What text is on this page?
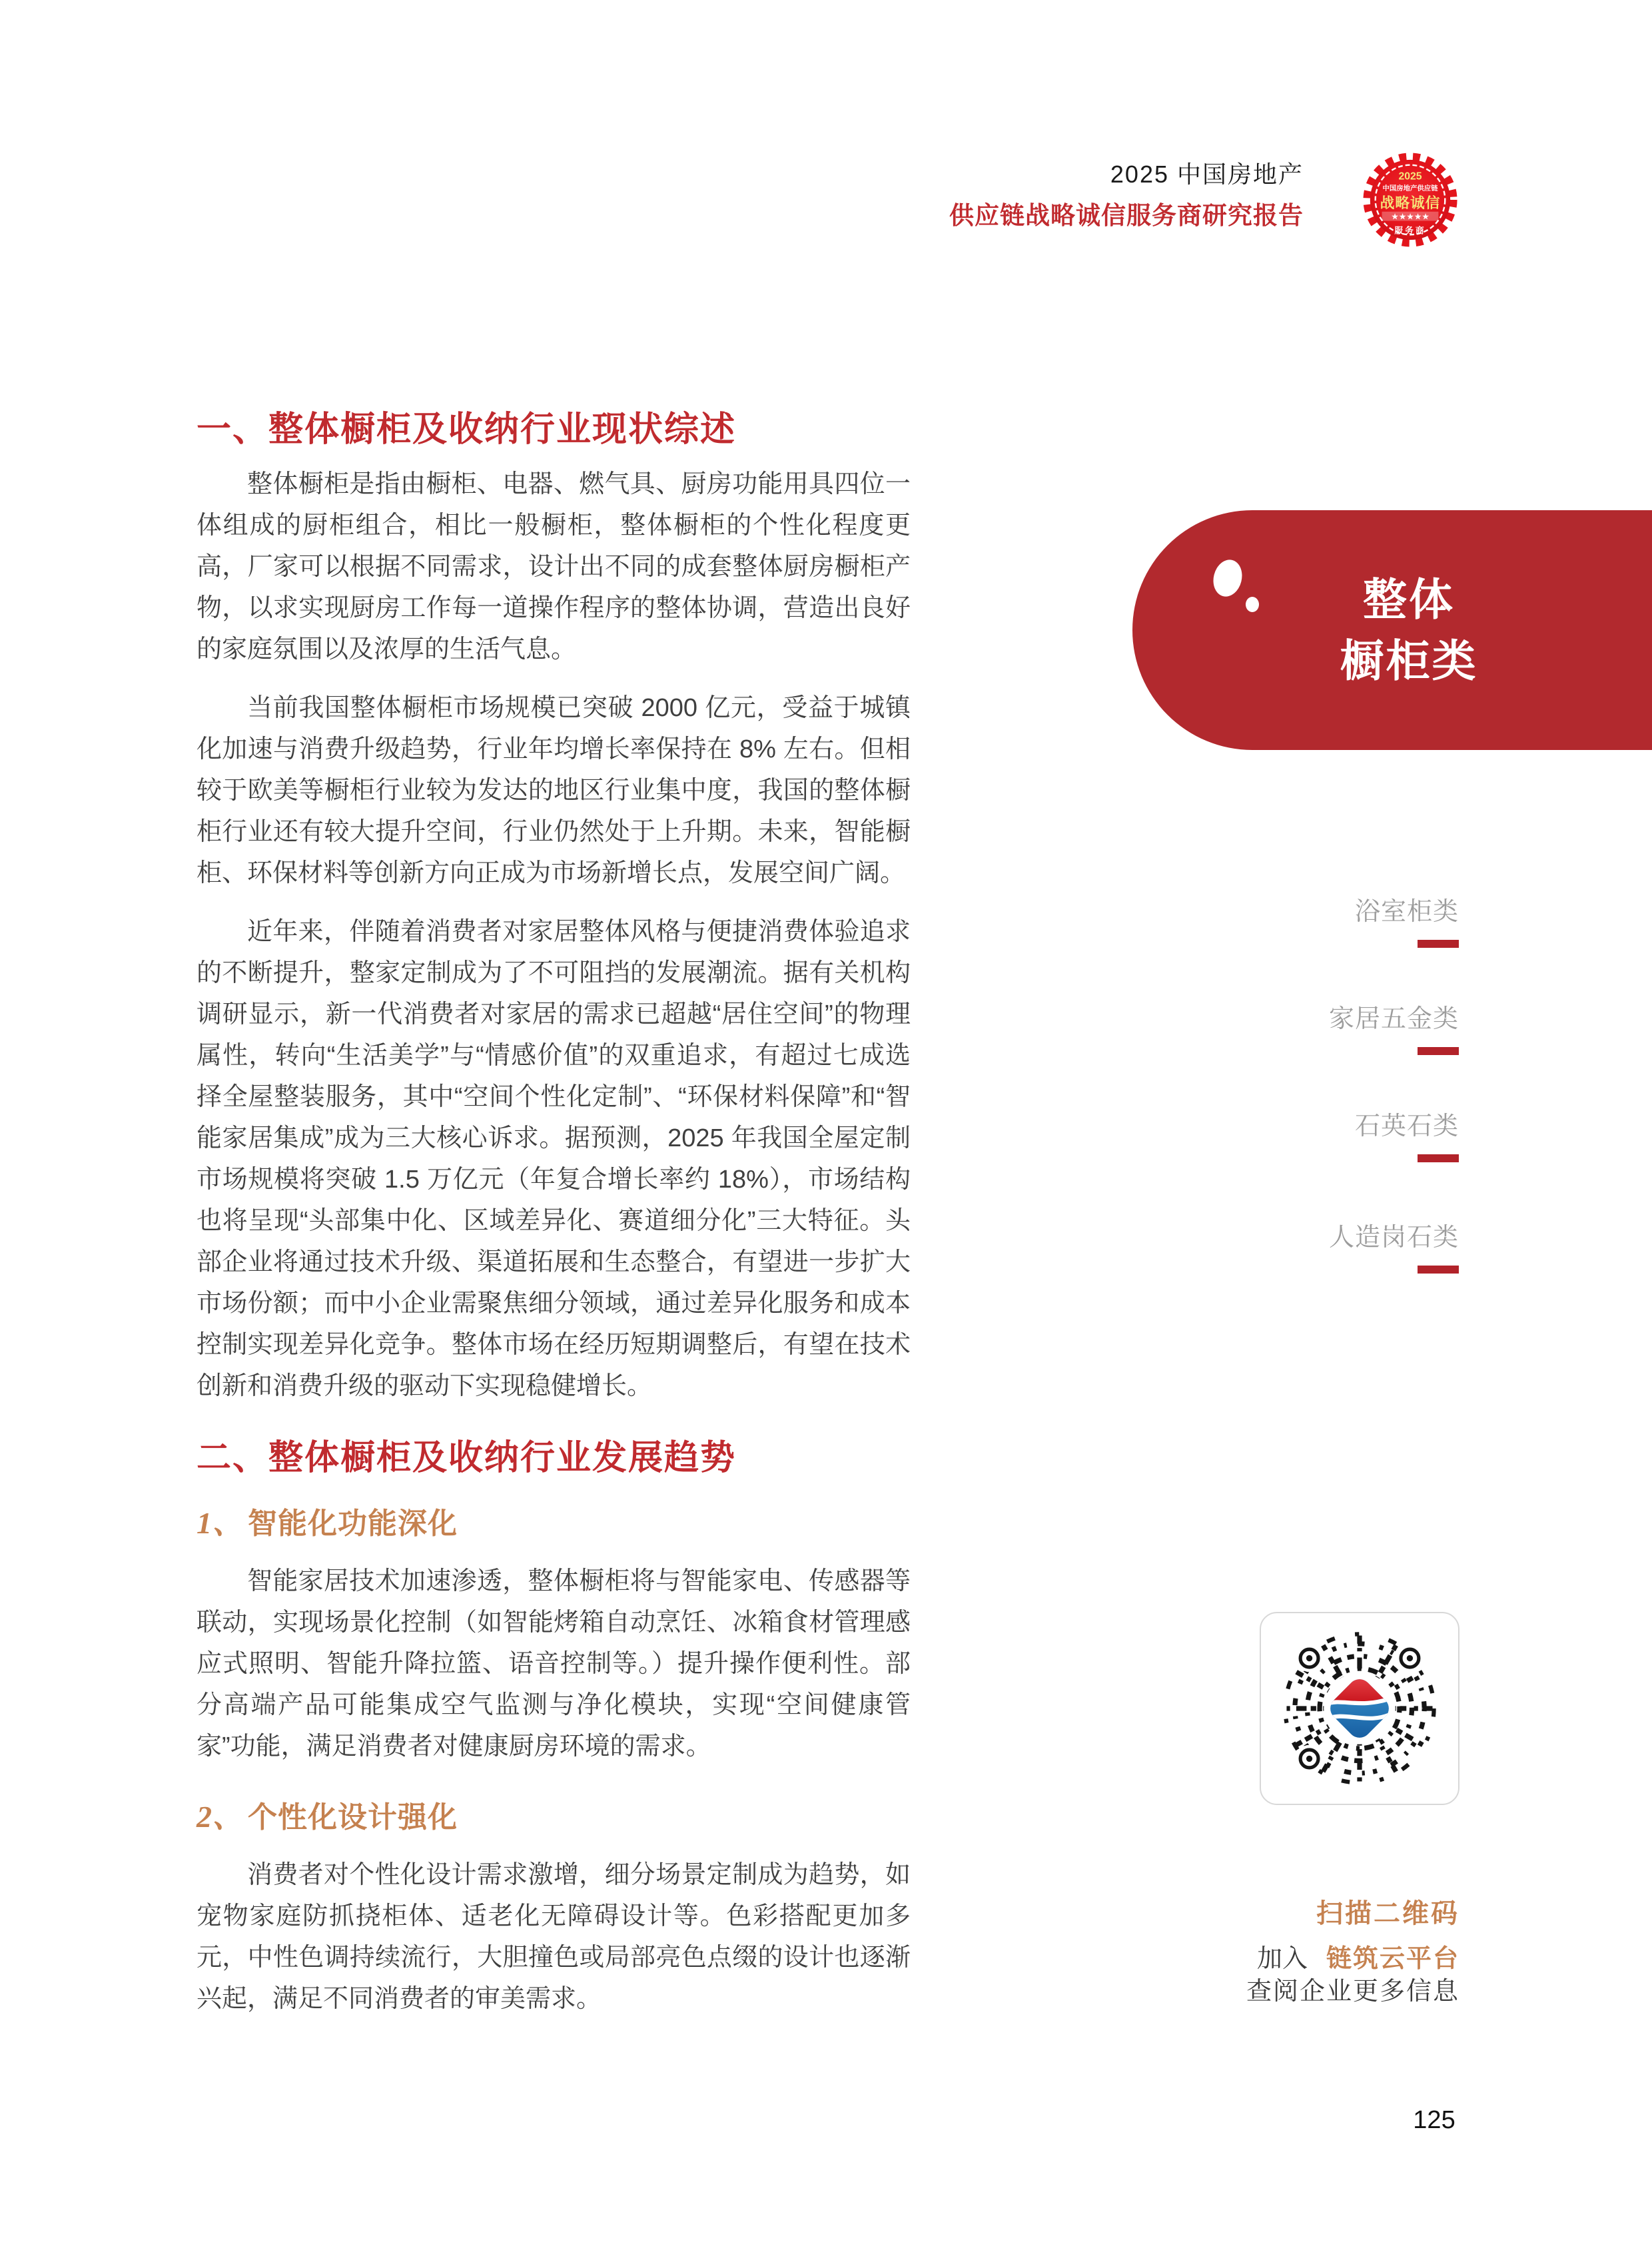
2025 中国房地产
供应链战略诚信服务商研究报告
2025
中国房地产供应链
战略诚信
★★★★★
服务商
整体
橱柜类
浴室柜类
家居五金类
石英石类
人造岗石类
一、整体橱柜及收纳行业现状综述

整体橱柜是指由橱柜、电器、燃气具、厨房功能用具四位一体组成的厨柜组合，相比一般橱柜，整体橱柜的个性化程度更高，厂家可以根据不同需求，设计出不同的成套整体厨房橱柜产物，以求实现厨房工作每一道操作程序的整体协调，营造出良好的家庭氛围以及浓厚的生活气息。

当前我国整体橱柜市场规模已突破 2000 亿元，受益于城镇化加速与消费升级趋势，行业年均增长率保持在 8% 左右。但相较于欧美等橱柜行业较为发达的地区行业集中度，我国的整体橱柜行业还有较大提升空间，行业仍然处于上升期。未来，智能橱柜、环保材料等创新方向正成为市场新增长点，发展空间广阔。

近年来，伴随着消费者对家居整体风格与便捷消费体验追求的不断提升，整家定制成为了不可阻挡的发展潮流。据有关机构调研显示，新一代消费者对家居的需求已超越“居住空间”的物理属性，转向“生活美学”与“情感价值”的双重追求，有超过七成选择全屋整装服务，其中“空间个性化定制”、“环保材料保障”和“智能家居集成”成为三大核心诉求。据预测，2025 年我国全屋定制市场规模将突破 1.5 万亿元（年复合增长率约 18%），市场结构也将呈现“头部集中化、区域差异化、赛道细分化”三大特征。头部企业将通过技术升级、渠道拓展和生态整合，有望进一步扩大市场份额；而中小企业需聚焦细分领域，通过差异化服务和成本控制实现差异化竞争。整体市场在经历短期调整后，有望在技术创新和消费升级的驱动下实现稳健增长。

二、整体橱柜及收纳行业发展趋势
1、 智能化功能深化

智能家居技术加速渗透，整体橱柜将与智能家电、传感器等联动，实现场景化控制（如智能烤箱自动烹饪、冰箱食材管理感应式照明、智能升降拉篮、语音控制等。）提升操作便利性。部分高端产品可能集成空气监测与净化模块，实现“空间健康管家”功能，满足消费者对健康厨房环境的需求。

2、 个性化设计强化

消费者对个性化设计需求激增，细分场景定制成为趋势，如宠物家庭防抓挠柜体、适老化无障碍设计等。色彩搭配更加多元，中性色调持续流行，大胆撞色或局部亮色点缀的设计也逐渐兴起，满足不同消费者的审美需求。

扫描二维码
加入 链筑云平台
查阅企业更多信息
125
